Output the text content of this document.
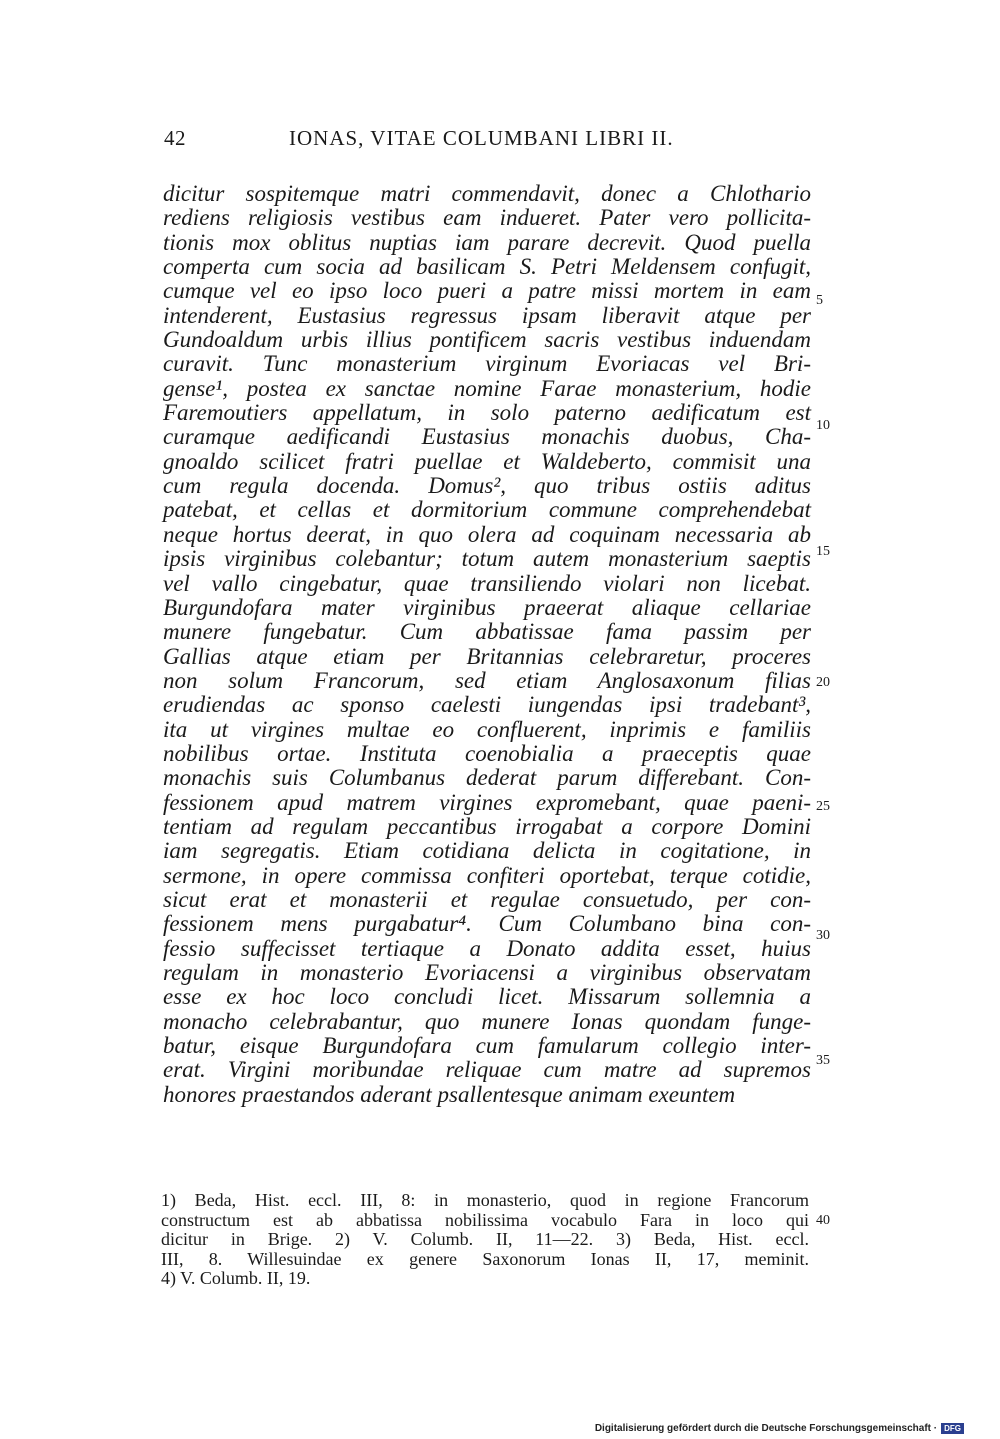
42	IONAS, VITAE COLUMBANI LIBRI II.
dicitur sospitemque matri commendavit, donec a Chlothario
rediens religiosis vestibus eam indueret. Pater vero pollicita-
tionis mox oblitus nuptias iam parare decrevit. Quod puella
comperta cum socia ad basilicam S. Petri Meldensem confugit,
cumque vel eo ipso loco pueri a patre missi mortem in eam
intenderent, Eustasius regressus ipsam liberavit atque per
Gundoaldum urbis illius pontificem sacris vestibus induendam
curavit. Tunc monasterium virginum Evoriacas vel Bri-
gense¹, postea ex sanctae nomine Farae monasterium, hodie
Faremoutiers appellatum, in solo paterno aedificatum est
curamque aedificandi Eustasius monachis duobus, Cha-
gnoaldo scilicet fratri puellae et Waldeberto, commisit una
cum regula docenda. Domus², quo tribus ostiis aditus
patebat, et cellas et dormitorium commune comprehendebat
neque hortus deerat, in quo olera ad coquinam necessaria ab
ipsis virginibus colebantur; totum autem monasterium saeptis
vel vallo cingebatur, quae transiliendo violari non licebat.
Burgundofara mater virginibus praeerat aliaque cellariae
munere fungebatur. Cum abbatissae fama passim per
Gallias atque etiam per Britannias celebraretur, proceres
non solum Francorum, sed etiam Anglosaxonum filias
erudiendas ac sponso caelesti iungendas ipsi tradebant³,
ita ut virgines multae eo confluerent, inprimis e familiis
nobilibus ortae. Instituta coenobialia a praeceptis quae
monachis suis Columbanus dederat parum differebant. Con-
fessionem apud matrem virgines expromebant, quae paeni-
tentiam ad regulam peccantibus irrogabat a corpore Domini
iam segregatis. Etiam cotidiana delicta in cogitatione, in
sermone, in opere commissa confiteri oportebat, terque cotidie,
sicut erat et monasterii et regulae consuetudo, per con-
fessionem mens purgabatur⁴. Cum Columbano bina con-
fessio suffecisset tertiaque a Donato addita esset, huius
regulam in monasterio Evoriacensi a virginibus observatam
esse ex hoc loco concludi licet. Missarum sollemnia a
monacho celebrabantur, quo munere Ionas quondam funge-
batur, eisque Burgundofara cum famularum collegio inter-
erat. Virgini moribundae reliquae cum matre ad supremos
honores praestandos aderant psallentesque animam exeuntem
5
10
15
20
25
30
35
1) Beda, Hist. eccl. III, 8: in monasterio, quod in regione Francorum
constructum est ab abbatissa nobilissima vocabulo Fara in loco qui
dicitur in Brige. 2) V. Columb. II, 11—22. 3) Beda, Hist. eccl.
III, 8. Willesuindae ex genere Saxonorum Ionas II, 17, meminit.
4) V. Columb. II, 19.
40
Digitalisierung gefördert durch die Deutsche Forschungsgemeinschaft · DFG
